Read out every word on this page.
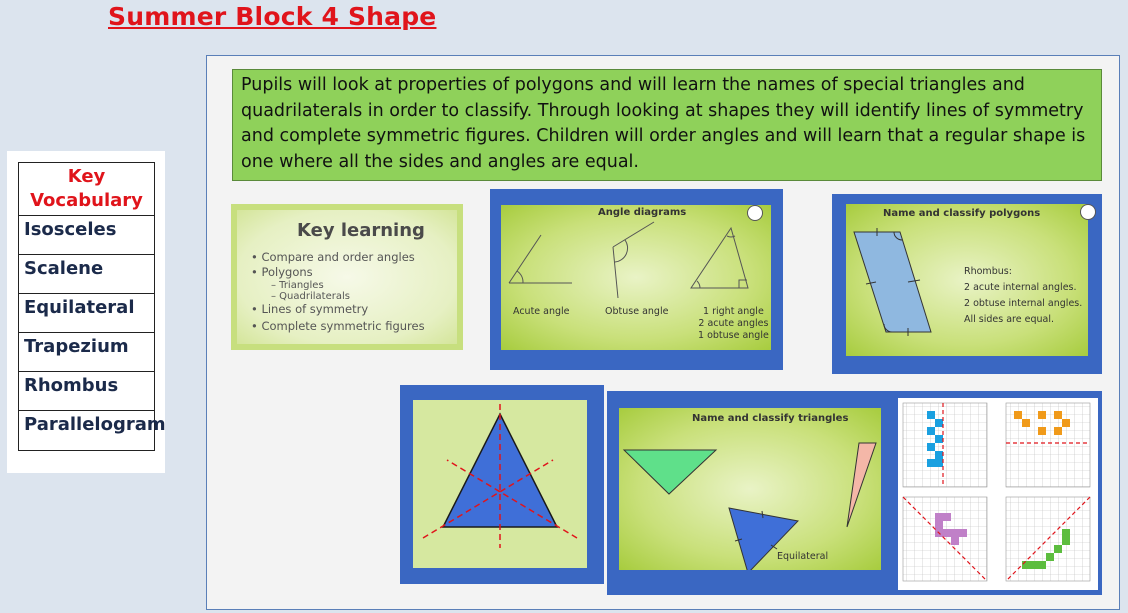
Summer Block 4 Shape
Key
Vocabulary
Isosceles
Scalene
Equilateral
Trapezium
Rhombus
Parallelogram
Pupils will look at properties of polygons and will learn the names of special triangles and quadrilaterals in order to classify. Through looking at shapes they will identify lines of symmetry and complete symmetric figures. Children will order angles and will learn that a regular shape is one where all the sides and angles are equal.
Key learning
• Compare and order angles
• Polygons
– Triangles
– Quadrilaterals
• Lines of symmetry
• Complete symmetric figures
Angle diagrams
Acute angle	Obtuse angle	1 right angle
2 acute angles
1 obtuse angle
Name and classify polygons
Rhombus:
2 acute internal angles.
2 obtuse internal angles.
All sides are equal.
Name and classify triangles
Equilateral
